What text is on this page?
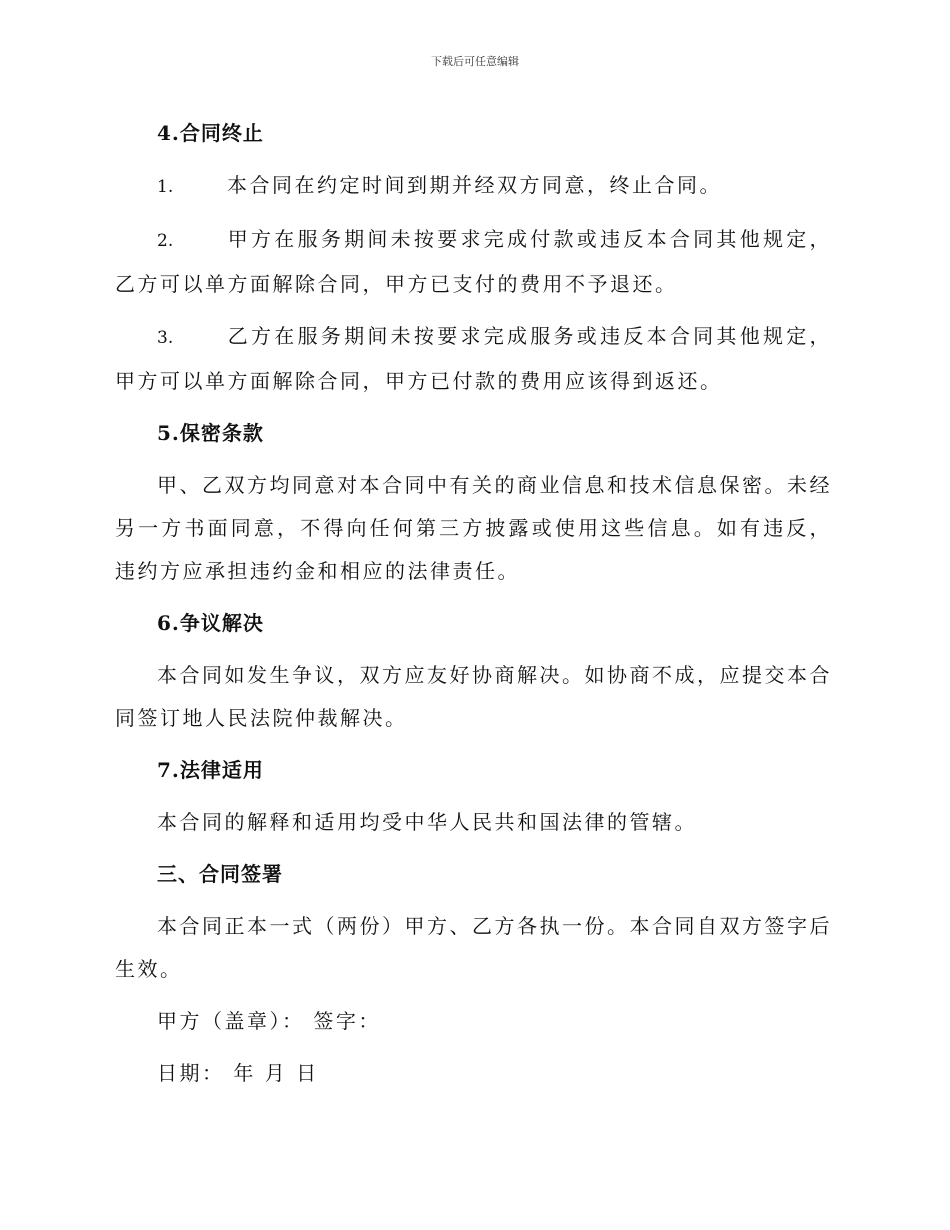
下载后可任意编辑
4.合同终止
1.	本合同在约定时间到期并经双方同意，终止合同。
2.	甲方在服务期间未按要求完成付款或违反本合同其他规定，乙方可以单方面解除合同，甲方已支付的费用不予退还。
3.	乙方在服务期间未按要求完成服务或违反本合同其他规定，甲方可以单方面解除合同，甲方已付款的费用应该得到返还。
5.保密条款
甲、乙双方均同意对本合同中有关的商业信息和技术信息保密。未经另一方书面同意，不得向任何第三方披露或使用这些信息。如有违反，违约方应承担违约金和相应的法律责任。
6.争议解决
本合同如发生争议，双方应友好协商解决。如协商不成，应提交本合同签订地人民法院仲裁解决。
7.法律适用
本合同的解释和适用均受中华人民共和国法律的管辖。
三、合同签署
本合同正本一式（两份）甲方、乙方各执一份。本合同自双方签字后生效。
甲方（盖章）： 签字：
日期： 年 月 日
